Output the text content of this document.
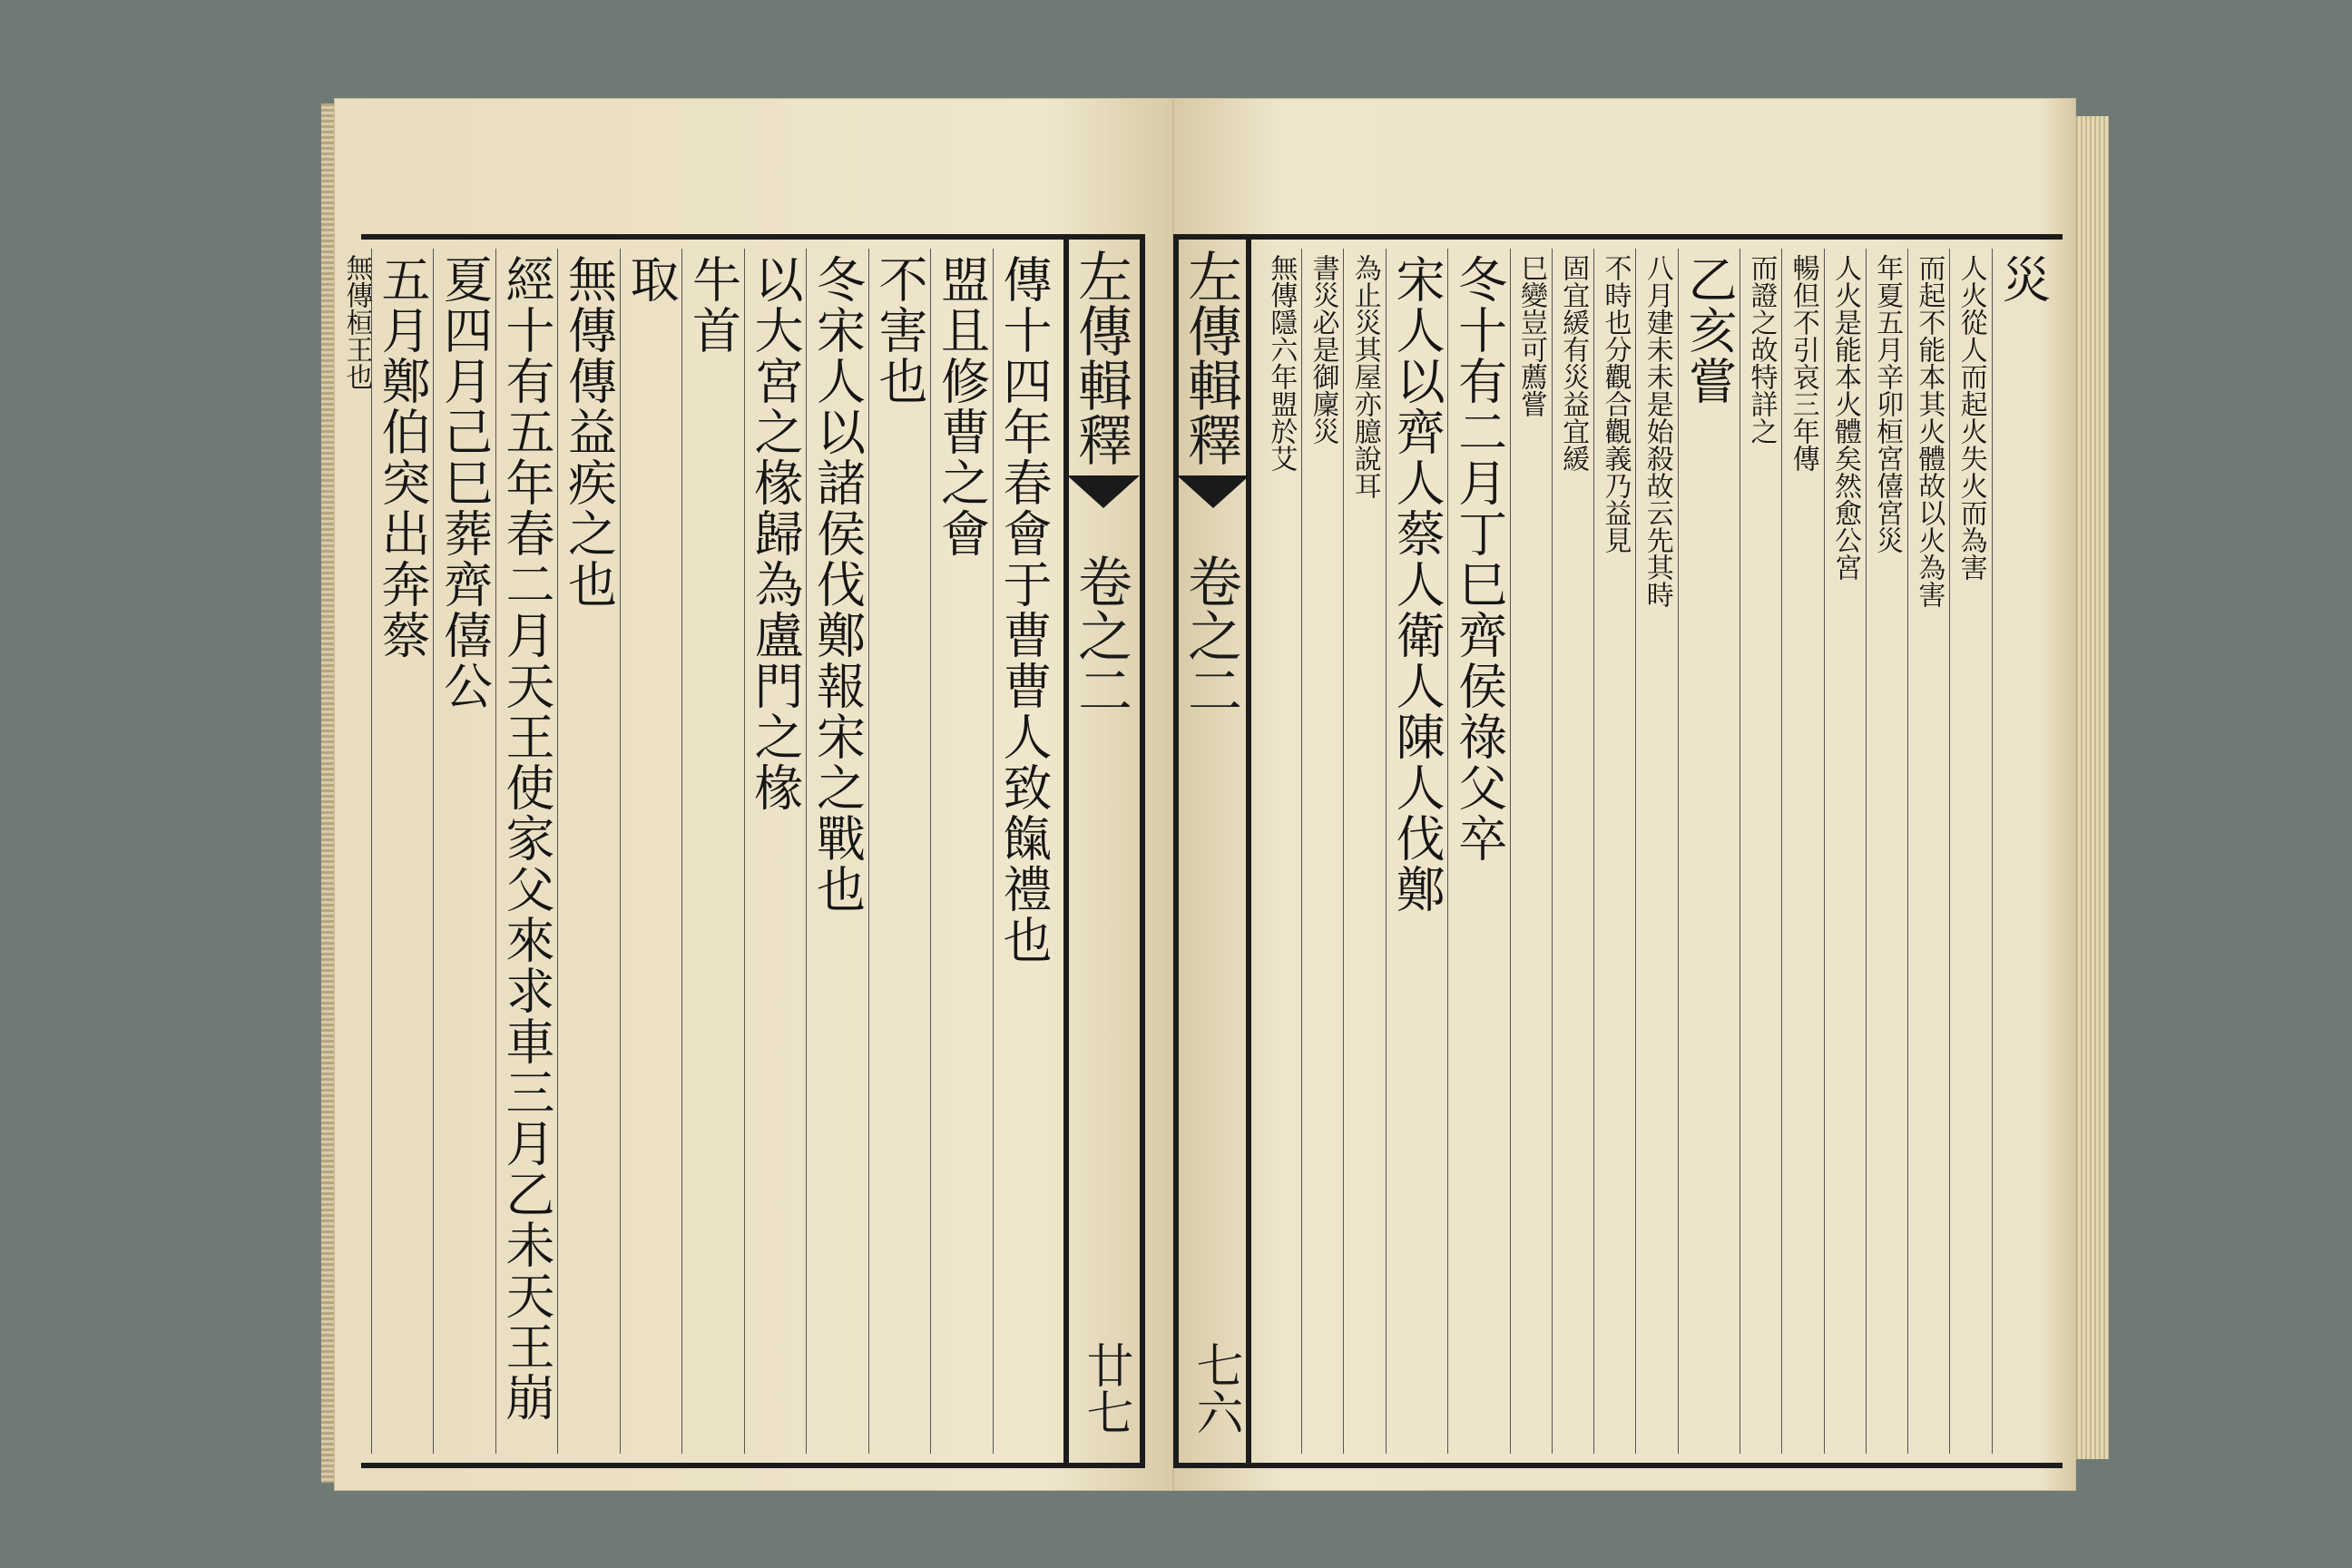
傳十四年春會于曹曹人致餼禮也
盟且修曹之會
不害也
冬宋人以諸侯伐鄭報宋之戰也
以大宮之椽歸為盧門之椽
牛首
取
無傳傳益疾之也
經十有五年春二月天王使家父來求車三月乙未天王崩
夏四月己巳葬齊僖公
五月鄭伯突出奔蔡
無傳桓王也	左傳輯釋
卷之二
廿七
左傳輯釋
卷之二
七六
災
人火從人而起火失火而為害
而起不能本其火體故以火為害
年夏五月辛卯桓宮僖宮災
人火是能本火體矣然愈公宮
暢但不引哀三年傳
而證之故特詳之
乙亥嘗
八月建未未是始殺故云先其時
不時也分觀合觀義乃益見
固宜緩有災益宜緩
巳變豈可薦嘗
冬十有二月丁巳齊侯祿父卒
宋人以齊人蔡人衛人陳人伐鄭
為止災其屋亦臆說耳
書災必是御廩災
無傳隱六年盟於艾
